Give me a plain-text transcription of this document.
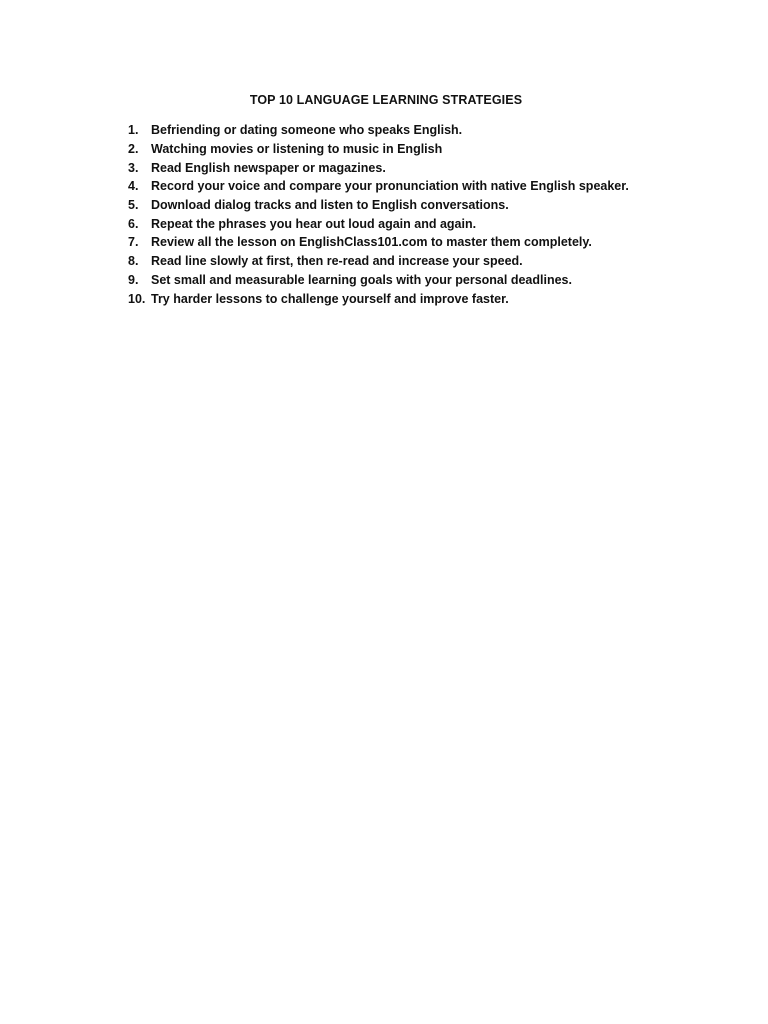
TOP 10 LANGUAGE LEARNING STRATEGIES
1.	Befriending or dating someone who speaks English.
2.	Watching movies or listening to music in English
3.	Read English newspaper or magazines.
4.	Record your voice and compare your pronunciation with native English speaker.
5.	Download dialog tracks and listen to English conversations.
6.	Repeat the phrases you hear out loud again and again.
7.	Review all the lesson on EnglishClass101.com to master them completely.
8.	Read line slowly at first, then re-read and increase your speed.
9.	Set small and measurable learning goals with your personal deadlines.
10. Try harder lessons to challenge yourself and improve faster.
